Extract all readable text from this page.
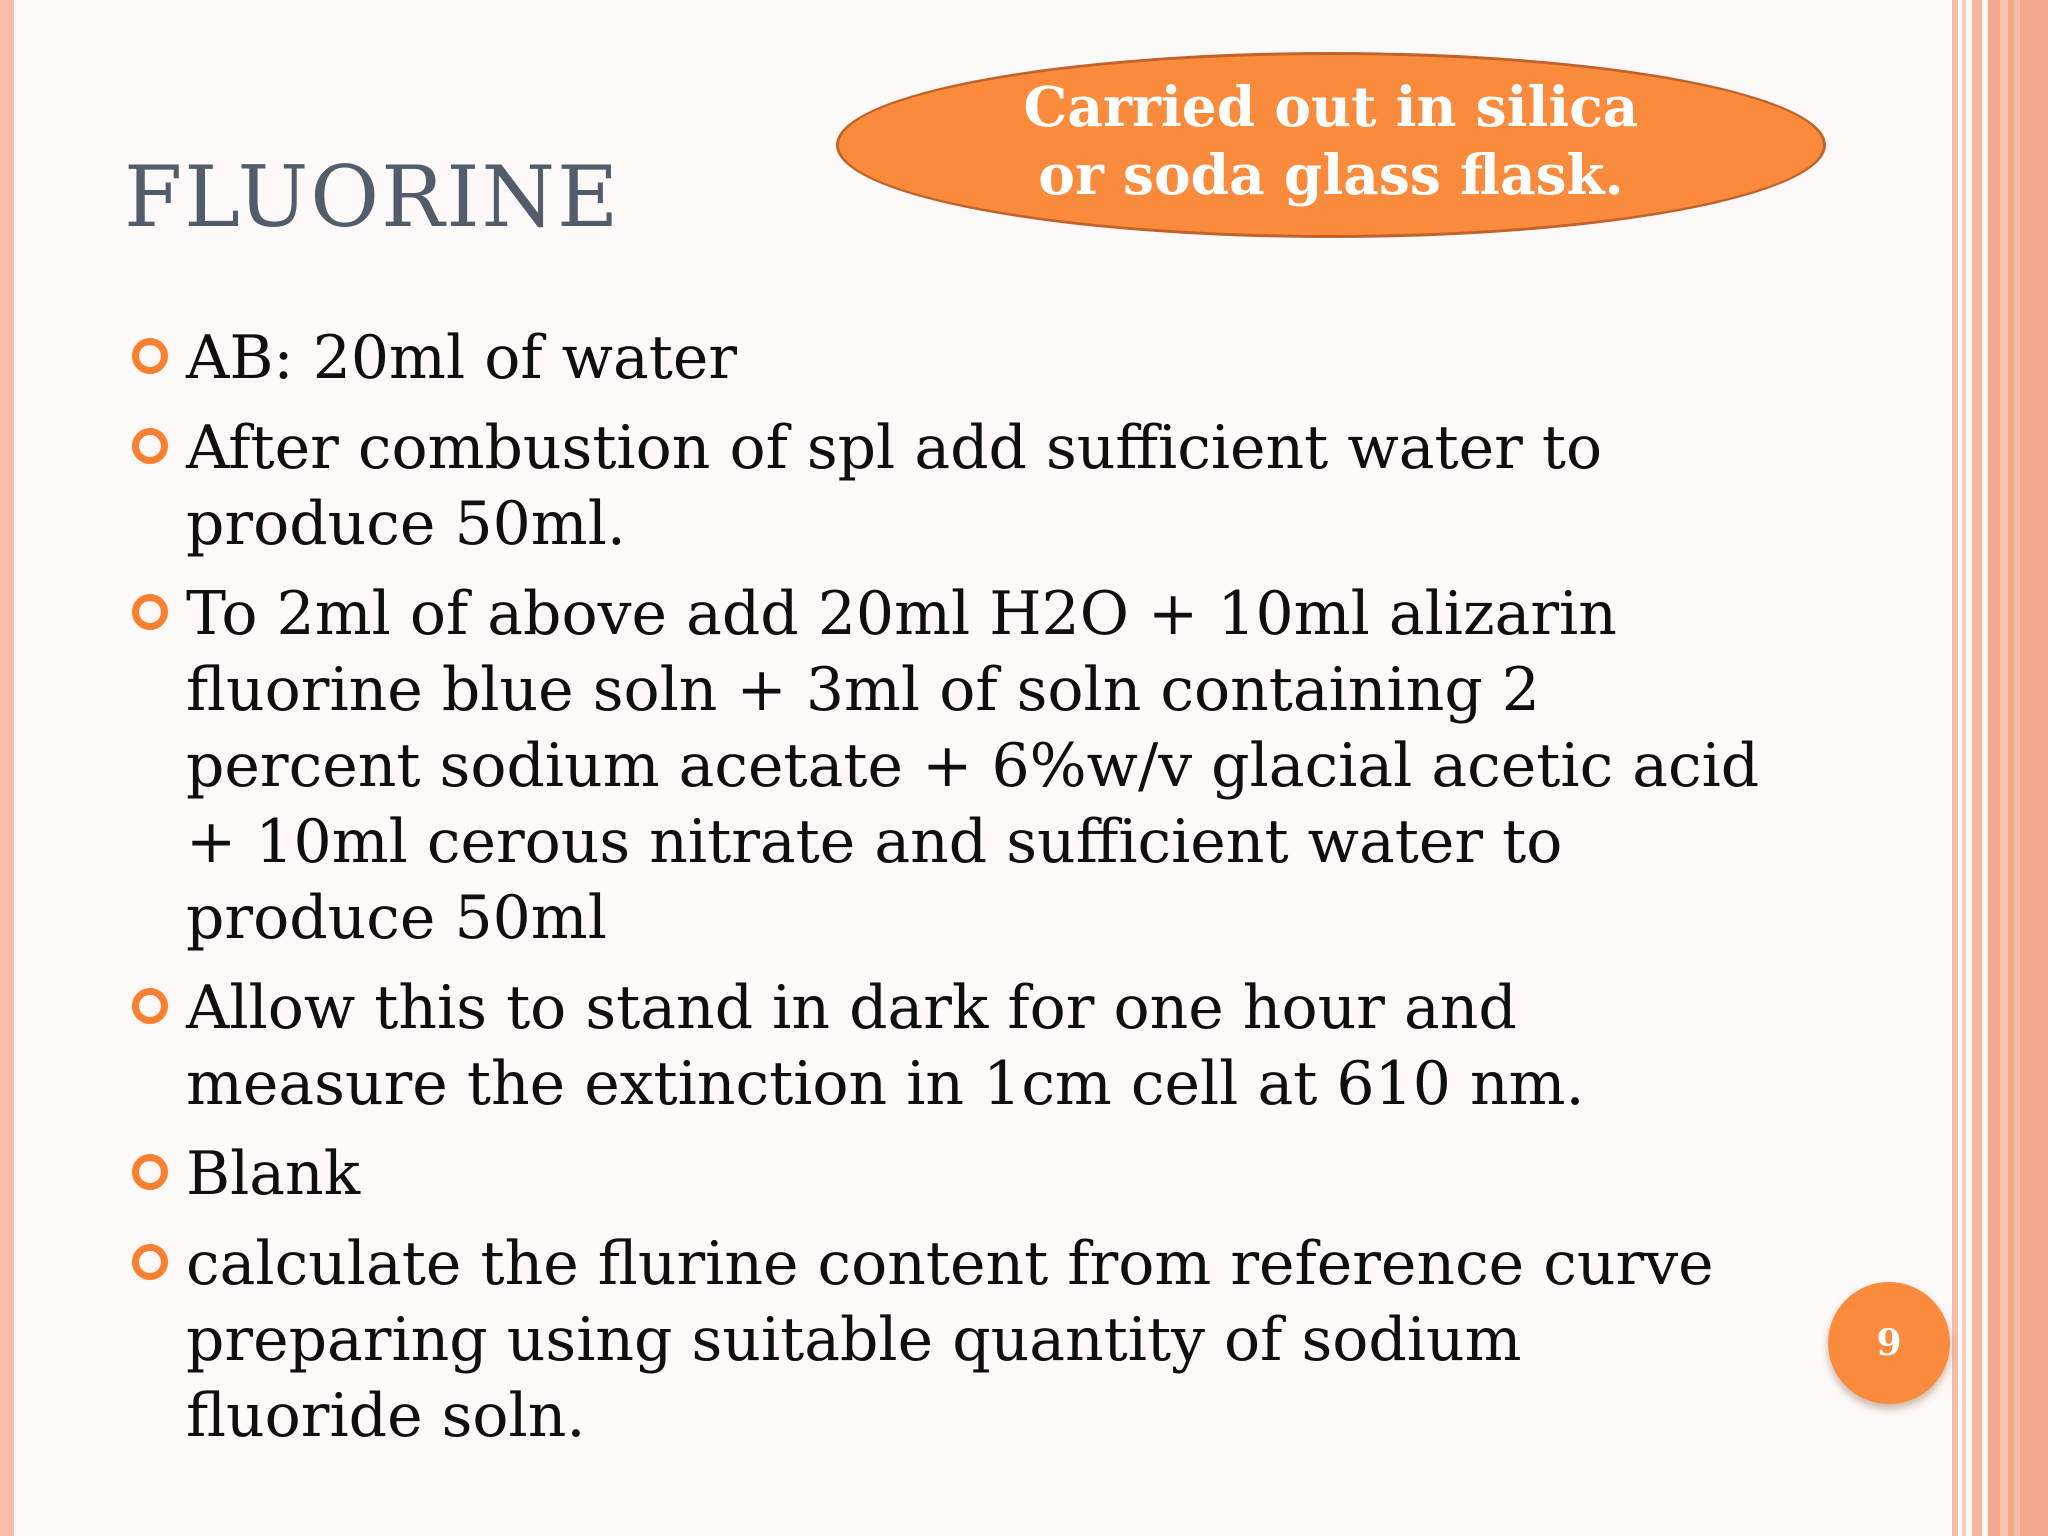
FLUORINE
Carried out in silica
or soda glass flask.
AB: 20ml of water
After combustion of spl add sufficient water to produce 50ml.
To 2ml of above add 20ml H2O + 10ml alizarin fluorine blue soln + 3ml of soln containing 2 percent sodium acetate + 6%w/v glacial acetic acid + 10ml cerous nitrate and sufficient water to produce 50ml
Allow this to stand in dark for one hour and measure the extinction in 1cm cell at 610 nm.
Blank
calculate the flurine content from reference curve preparing using suitable quantity of sodium fluoride soln.
9
